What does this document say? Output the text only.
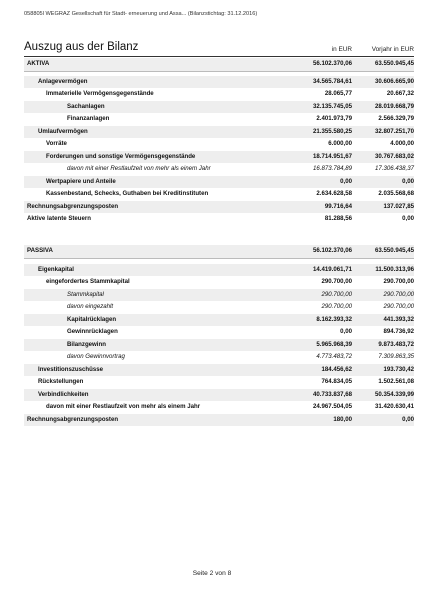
058805l WEGRAZ Gesellschaft für Stadt- erneuerung und Assa... (Bilanzstichtag: 31.12.2016)
Auszug aus der Bilanz	in EUR	Vorjahr in EUR
AKTIVA	56.102.370,06	63.550.945,45
Anlagevermögen	34.565.784,61	30.606.665,90
Immaterielle Vermögensgegenstände	28.065,77	20.667,32
Sachanlagen	32.135.745,05	28.019.668,79
Finanzanlagen	2.401.973,79	2.566.329,79
Umlaufvermögen	21.355.580,25	32.807.251,70
Vorräte	6.000,00	4.000,00
Forderungen und sonstige Vermögensgegenstände	18.714.951,67	30.767.683,02
davon mit einer Restlaufzeit von mehr als einem Jahr	16.873.784,89	17.306.438,37
Wertpapiere und Anteile	0,00	0,00
Kassenbestand, Schecks, Guthaben bei Kreditinstituten	2.634.628,58	2.035.568,68
Rechnungsabgrenzungsposten	99.716,64	137.027,85
Aktive latente Steuern	81.288,56	0,00
PASSIVA	56.102.370,06	63.550.945,45
Eigenkapital	14.419.061,71	11.500.313,96
eingefordertes Stammkapital	290.700,00	290.700,00
Stammkapital	290.700,00	290.700,00
davon eingezahlt	290.700,00	290.700,00
Kapitalrücklagen	8.162.393,32	441.393,32
Gewinnrücklagen	0,00	894.736,92
Bilanzgewinn	5.965.968,39	9.873.483,72
davon Gewinnvortrag	4.773.483,72	7.309.863,35
Investitionszuschüsse	184.456,62	193.730,42
Rückstellungen	764.834,05	1.502.561,08
Verbindlichkeiten	40.733.837,68	50.354.339,99
davon mit einer Restlaufzeit von mehr als einem Jahr	24.967.504,05	31.420.630,41
Rechnungsabgrenzungsposten	180,00	0,00
Seite 2 von 8
